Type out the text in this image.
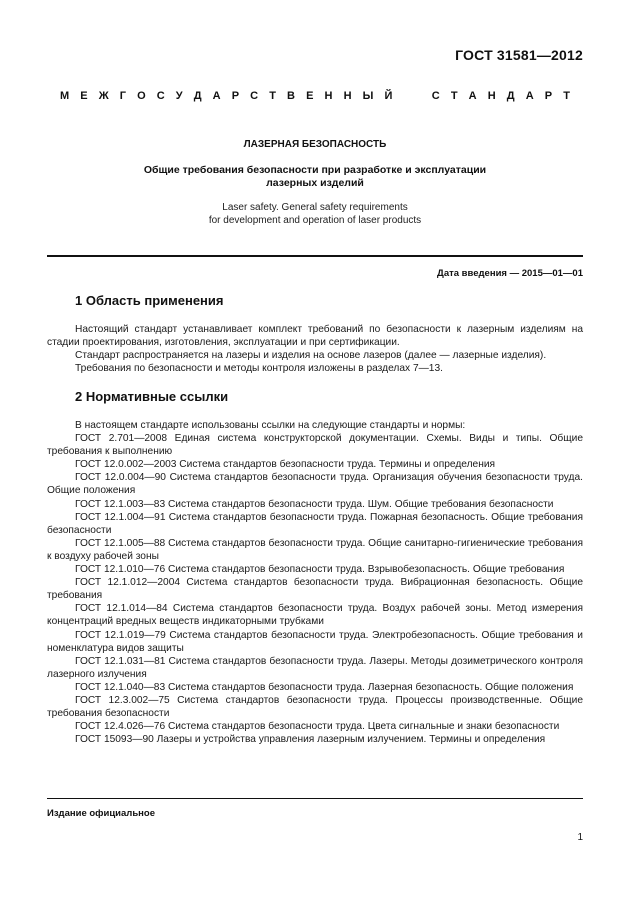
ГОСТ 31581—2012
М Е Ж Г О С У Д А Р С Т В Е Н Н Ы Й

	С Т А Н Д А Р Т
ЛАЗЕРНАЯ БЕЗОПАСНОСТЬ
Общие требования безопасности при разработке и эксплуатации
лазерных изделий
Laser safety. General safety requirements
for development and operation of laser products
Дата введения — 2015—01—01
1 Область применения

Настоящий стандарт устанавливает комплект требований по безопасности к лазерным изделиям на стадии проектирования, изготовления, эксплуатации и при сертификации.

Стандарт распространяется на лазеры и изделия на основе лазеров (далее — лазерные изделия).

Требования по безопасности и методы контроля изложены в разделах 7—13.

2 Нормативные ссылки

В настоящем стандарте использованы ссылки на следующие стандарты и нормы:

ГОСТ 2.701—2008 Единая система конструкторской документации. Схемы. Виды и типы. Общие требования к выполнению

ГОСТ 12.0.002—2003 Система стандартов безопасности труда. Термины и определения

ГОСТ 12.0.004—90 Система стандартов безопасности труда. Организация обучения безопасности труда. Общие положения

ГОСТ 12.1.003—83 Система стандартов безопасности труда. Шум. Общие требования безопасности

ГОСТ 12.1.004—91 Система стандартов безопасности труда. Пожарная безопасность. Общие требования безопасности

ГОСТ 12.1.005—88 Система стандартов безопасности труда. Общие санитарно-гигиенические требования к воздуху рабочей зоны

ГОСТ 12.1.010—76 Система стандартов безопасности труда. Взрывобезопасность. Общие требования

ГОСТ 12.1.012—2004 Система стандартов безопасности труда. Вибрационная безопасность. Общие требования

ГОСТ 12.1.014—84 Система стандартов безопасности труда. Воздух рабочей зоны. Метод измерения концентраций вредных веществ индикаторными трубками

ГОСТ 12.1.019—79 Система стандартов безопасности труда. Электробезопасность. Общие требования и номенклатура видов защиты

ГОСТ 12.1.031—81 Система стандартов безопасности труда. Лазеры. Методы дозиметрического контроля лазерного излучения

ГОСТ 12.1.040—83 Система стандартов безопасности труда. Лазерная безопасность. Общие положения

ГОСТ 12.3.002—75 Система стандартов безопасности труда. Процессы производственные. Общие требования безопасности

ГОСТ 12.4.026—76 Система стандартов безопасности труда. Цвета сигнальные и знаки безопасности

ГОСТ 15093—90 Лазеры и устройства управления лазерным излучением. Термины и определения

Издание официальное
1
